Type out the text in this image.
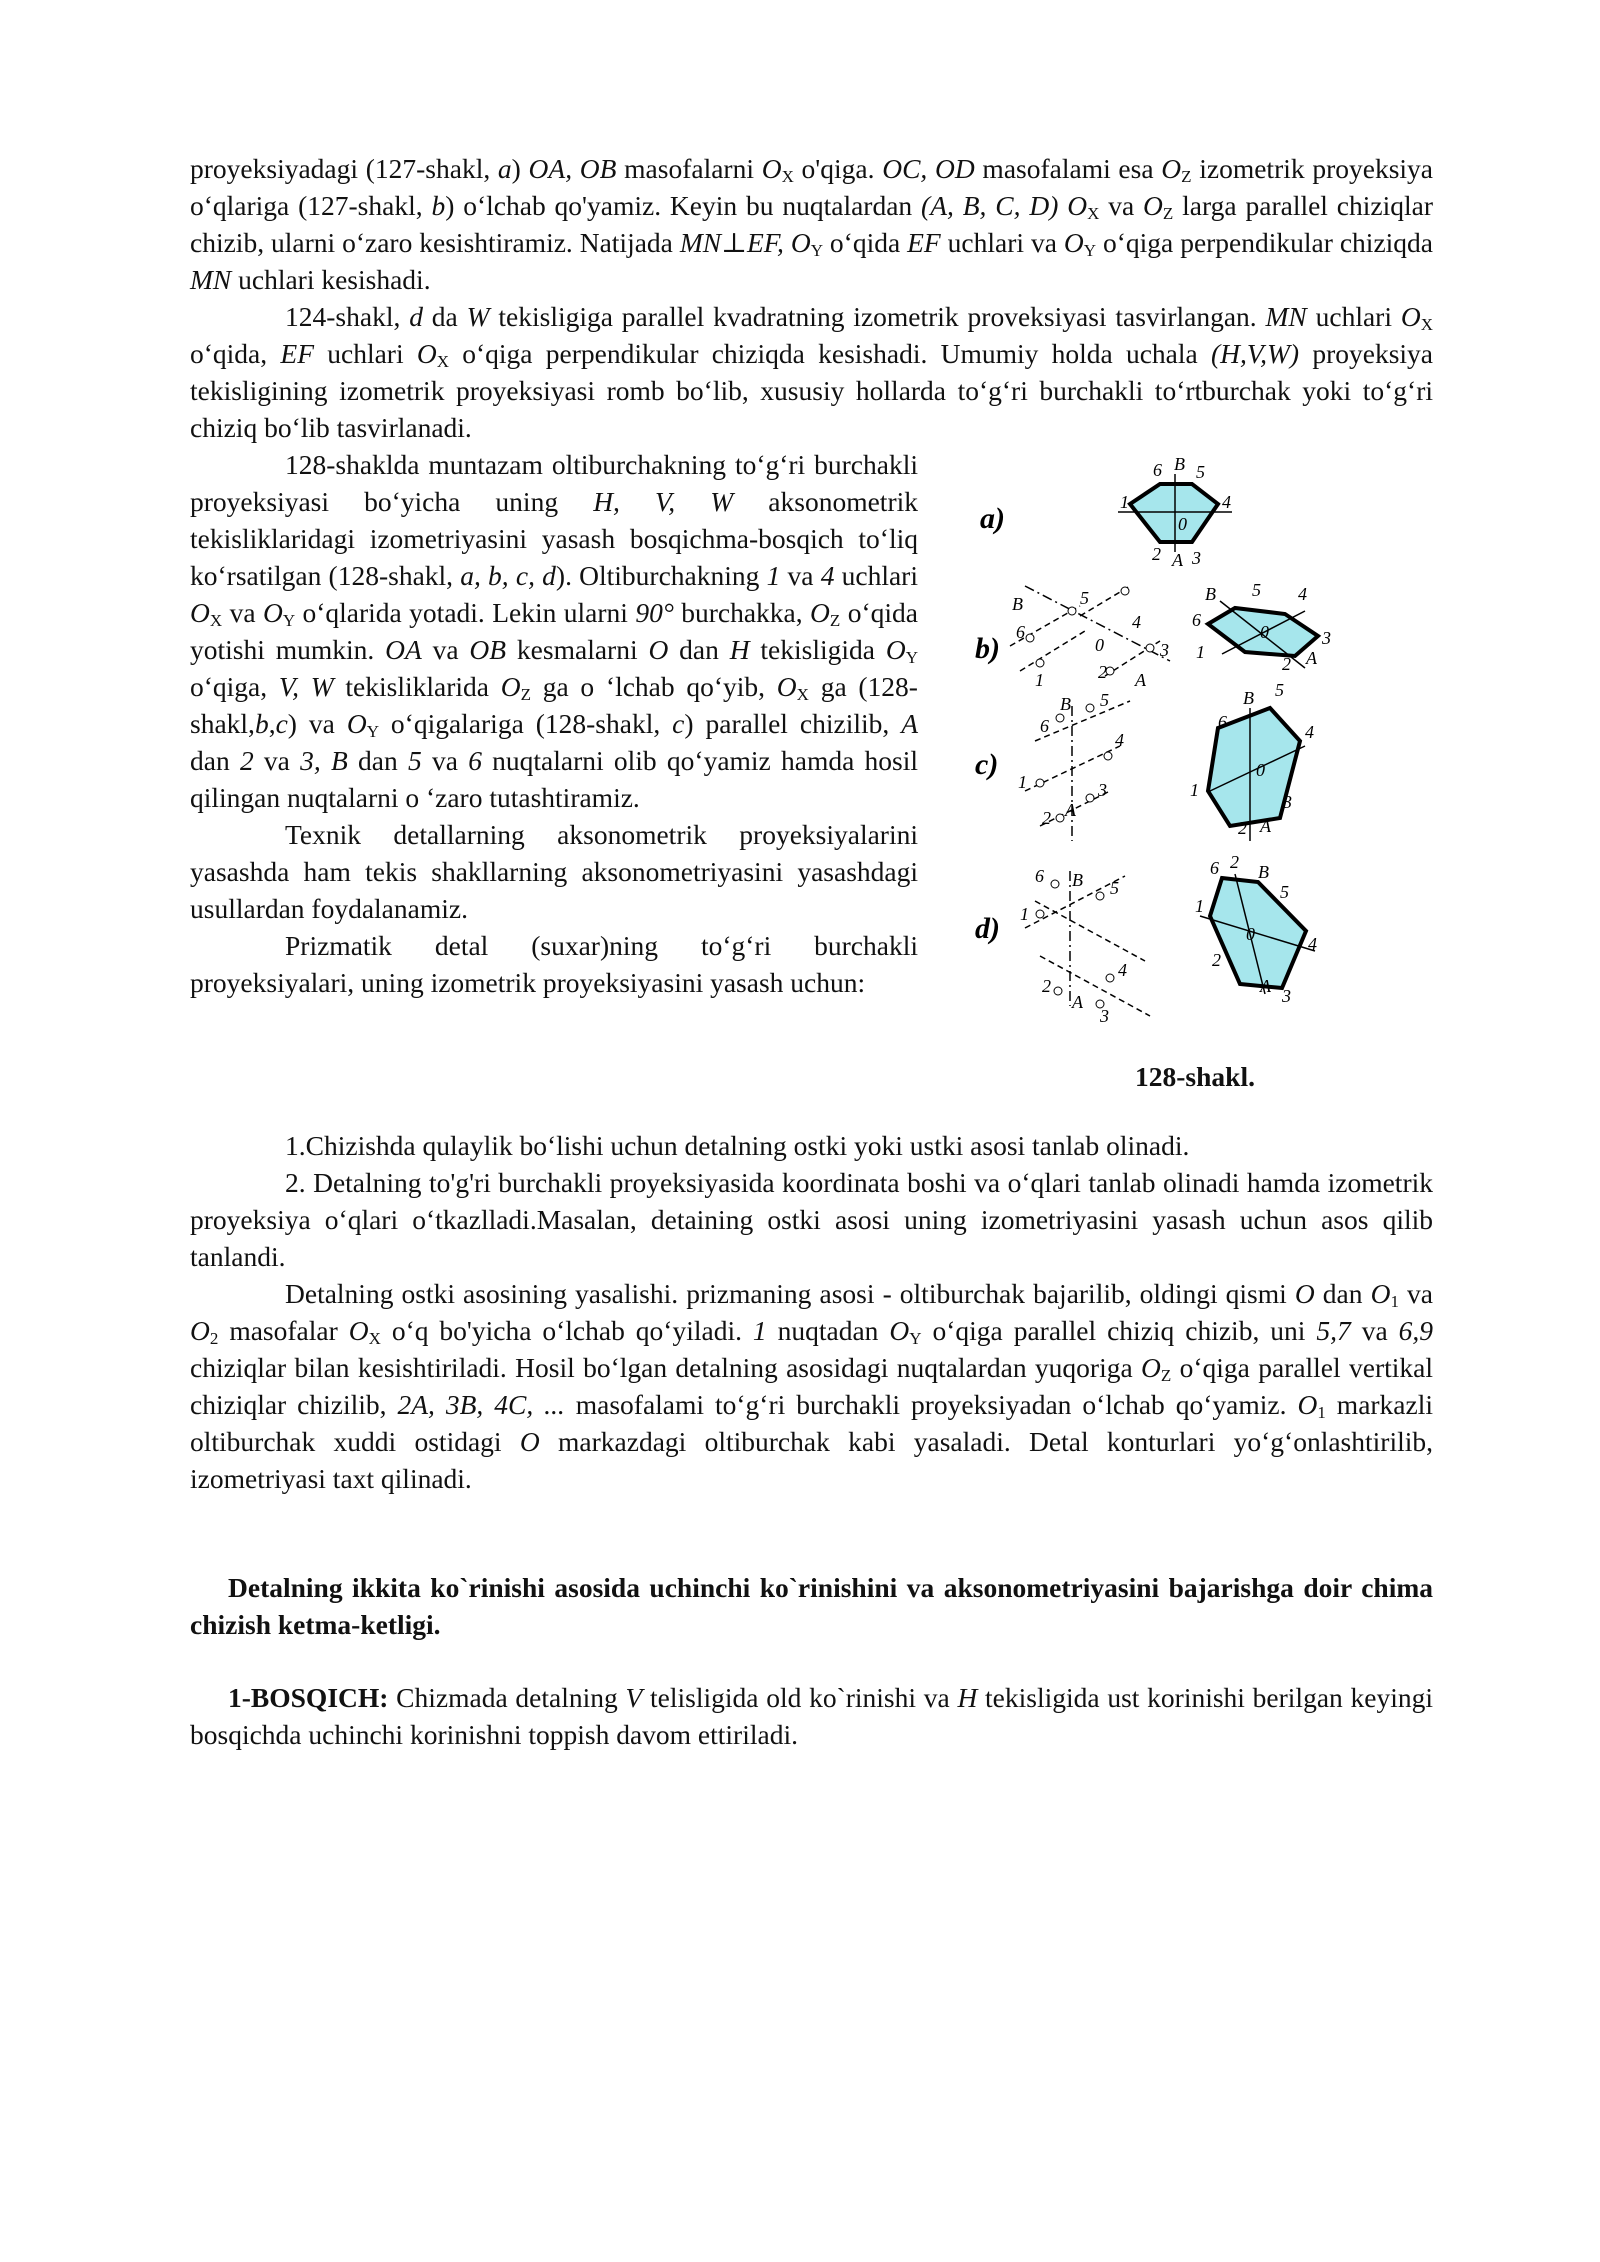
proyeksiyadagi (127-shakl, a) OA, OB masofalarni $O_X$ o'qiga. OC, OD masofalami esa $O_Z$ izometrik proyeksiya o‘qlariga (127-shakl, b) o‘lchab qo'yamiz. Keyin bu nuqtalardan (A, B, C, D) $O_X$ va $O_Z$ larga parallel chiziqlar chizib, ularni o‘zaro kesishtiramiz. Natijada MN⊥EF, $O_Y$ o‘qida EF uchlari va $O_Y$ o‘qiga perpendikular chiziqda MN uchlari kesishadi.

124-shakl, d da W tekisligiga parallel kvadratning izometrik proveksiyasi tasvirlangan. MN uchlari $O_X$ o‘qida, EF uchlari $O_X$ o‘qiga perpendikular chiziqda kesishadi. Umumiy holda uchala (H,V,W) proyeksiya tekisligining izometrik proyeksiyasi romb bo‘lib, xususiy hollarda to‘g‘ri burchakli to‘rtburchak yoki to‘g‘ri chiziq bo‘lib tasvirlanadi.

128-shaklda muntazam oltiburchakning to‘g‘ri burchakli proyeksiyasi bo‘yicha uning H, V, W aksonometrik tekisliklaridagi izometriyasini yasash bosqichma-bosqich to‘liq ko‘rsatilgan (128-shakl, a, b, c, d). Oltiburchakning 1 va 4 uchlari $O_X$ va $O_Y$ o‘qlarida yotadi. Lekin ularni 90° burchakka, $O_Z$ o‘qida yotishi mumkin. OA va OB kesmalarni O dan H tekisligida $O_Y$ o‘qiga, V, W tekisliklarida $O_Z$ ga o ‘lchab qo‘yib, $O_X$ ga (128-shakl,b,c) va $O_Y$ o‘qigalariga (128-shakl, c) parallel chizilib, A dan 2 va 3, B dan 5 va 6 nuqtalarni olib qo‘yamiz hamda hosil qilingan nuqtalarni o ‘zaro tutashtiramiz.

Texnik detallarning aksonometrik proyeksiyalarini yasashda ham tekis shakllarning aksonometriyasini yasashdagi usullardan foydalanamiz.

Prizmatik detal (suxar)ning to‘g‘ri burchakli proyeksiyalari, uning izometrik proyeksiyasini yasash uchun:

a)
6 B 5
1	4
0
2 A 3
b)
B	5
6	4
0	3
1	2 A
B 5 4
6
0	3
1
2 A
c)
B 5
6
4
1	3
2 A
B 5
6	4
0
1
3
2 A
d)
6 B 5
1
4
2
A
3
6 2 B
5
1
0	4
2
A 3
128-shakl.

1.Chizishda qulaylik bo‘lishi uchun detalning ostki yoki ustki asosi tanlab olinadi.

2. Detalning to'g'ri burchakli proyeksiyasida koordinata boshi va o‘qlari tanlab olinadi hamda izometrik proyeksiya o‘qlari o‘tkazlladi.Masalan, detaining ostki asosi uning izometriyasini yasash uchun asos qilib tanlandi.

Detalning ostki asosining yasalishi. prizmaning asosi - oltiburchak bajarilib, oldingi qismi O dan $O_1$ va $O_2$ masofalar $O_X$ o‘q bo'yicha o‘lchab qo‘yiladi. 1 nuqtadan $O_Y$ o‘qiga parallel chiziq chizib, uni 5,7 va 6,9 chiziqlar bilan kesishtiriladi. Hosil bo‘lgan detalning asosidagi nuqtalardan yuqoriga $O_Z$ o‘qiga parallel vertikal chiziqlar chizilib, 2A, 3B, 4C, ... masofalami to‘g‘ri burchakli proyeksiyadan o‘lchab qo‘yamiz. $O_1$ markazli oltiburchak xuddi ostidagi O markazdagi oltiburchak kabi yasaladi. Detal konturlari yo‘g‘onlashtirilib, izometriyasi taxt qilinadi.

Detalning ikkita ko`rinishi asosida uchinchi ko`rinishini va aksonometriyasini bajarishga doir chima chizish ketma-ketligi.

1-BOSQICH: Chizmada detalning V telisligida old ko`rinishi va H tekisligida ust korinishi berilgan keyingi bosqichda uchinchi korinishni toppish davom ettiriladi.
